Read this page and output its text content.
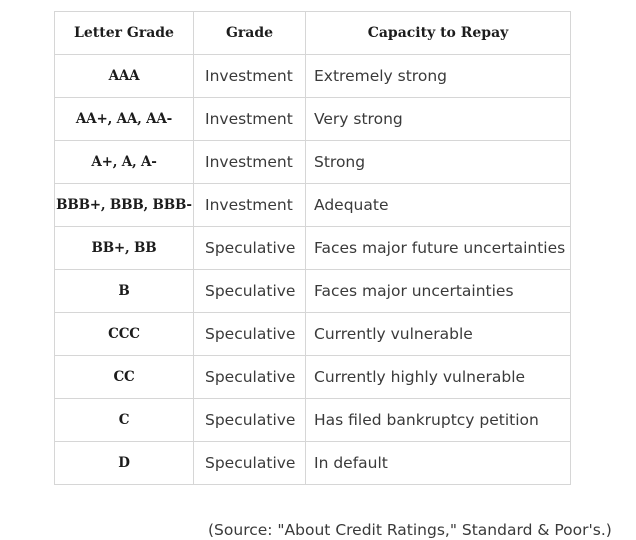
Letter Grade	Grade	Capacity to Repay
AAA	Investment	Extremely strong
AA+, AA, AA-	Investment	Very strong
A+, A, A-	Investment	Strong
BBB+, BBB, BBB-	Investment	Adequate
BB+, BB	Speculative	Faces major future uncertainties
B	Speculative	Faces major uncertainties
CCC	Speculative	Currently vulnerable
CC	Speculative	Currently highly vulnerable
C	Speculative	Has filed bankruptcy petition
D	Speculative	In default
(Source: "About Credit Ratings," Standard & Poor's.)
